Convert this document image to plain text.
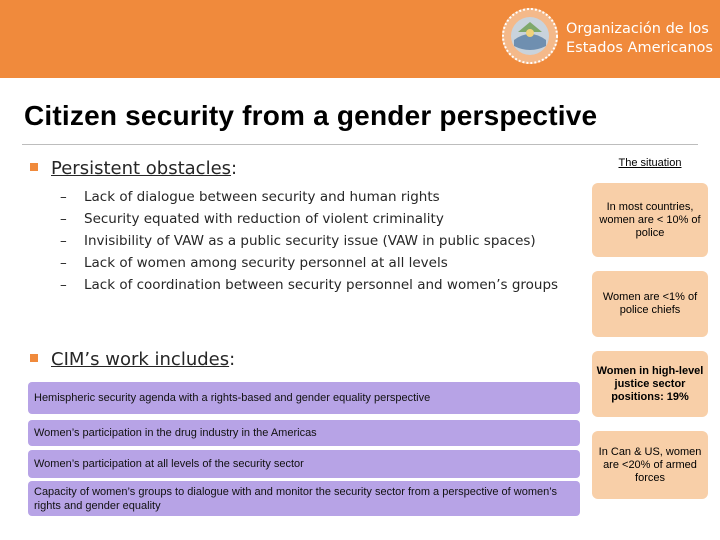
Organización de los
Estados Americanos
Citizen security from a gender perspective
Persistent obstacles:
– Lack of dialogue between security and human rights
– Security equated with reduction of violent criminality
– Invisibility of VAW as a public security issue (VAW in public spaces)
– Lack of women among security personnel at all levels
– Lack of coordination between security personnel and women’s groups
CIM’s work includes:
Hemispheric security agenda with a rights-based and gender equality perspective
Women’s participation in the drug industry in the Americas
Women’s participation at all levels of the security sector
Capacity of women’s groups to dialogue with and monitor the security sector from a perspective of women’s rights and gender equality
The situation
In most countries, women are < 10% of police
Women are <1% of police chiefs
Women in high-level justice sector positions: 19%
In Can & US, women are <20% of armed forces
